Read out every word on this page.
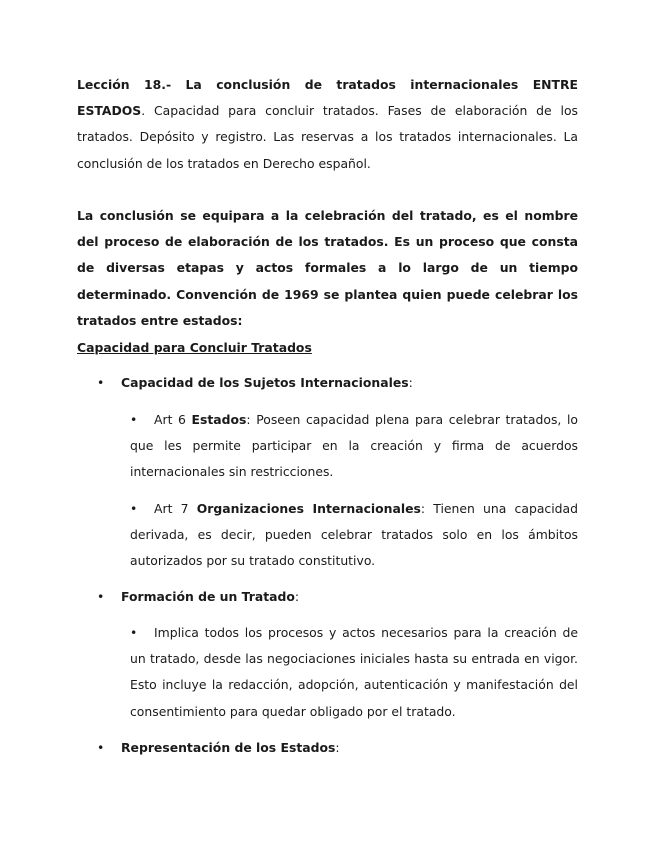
Lección 18.- La conclusión de tratados internacionales ENTRE ESTADOS. Capacidad para concluir tratados. Fases de elaboración de los tratados. Depósito y registro. Las reservas a los tratados internacionales. La conclusión de los tratados en Derecho español.
La conclusión se equipara a la celebración del tratado, es el nombre del proceso de elaboración de los tratados. Es un proceso que consta de diversas etapas y actos formales a lo largo de un tiempo determinado. Convención de 1969 se plantea quien puede celebrar los tratados entre estados:
Capacidad para Concluir Tratados
• Capacidad de los Sujetos Internacionales:
• Art 6 Estados: Poseen capacidad plena para celebrar tratados, lo que les permite participar en la creación y firma de acuerdos internacionales sin restricciones.
• Art 7 Organizaciones Internacionales: Tienen una capacidad derivada, es decir, pueden celebrar tratados solo en los ámbitos autorizados por su tratado constitutivo.
• Formación de un Tratado:
• Implica todos los procesos y actos necesarios para la creación de un tratado, desde las negociaciones iniciales hasta su entrada en vigor. Esto incluye la redacción, adopción, autenticación y manifestación del consentimiento para quedar obligado por el tratado.
• Representación de los Estados:
